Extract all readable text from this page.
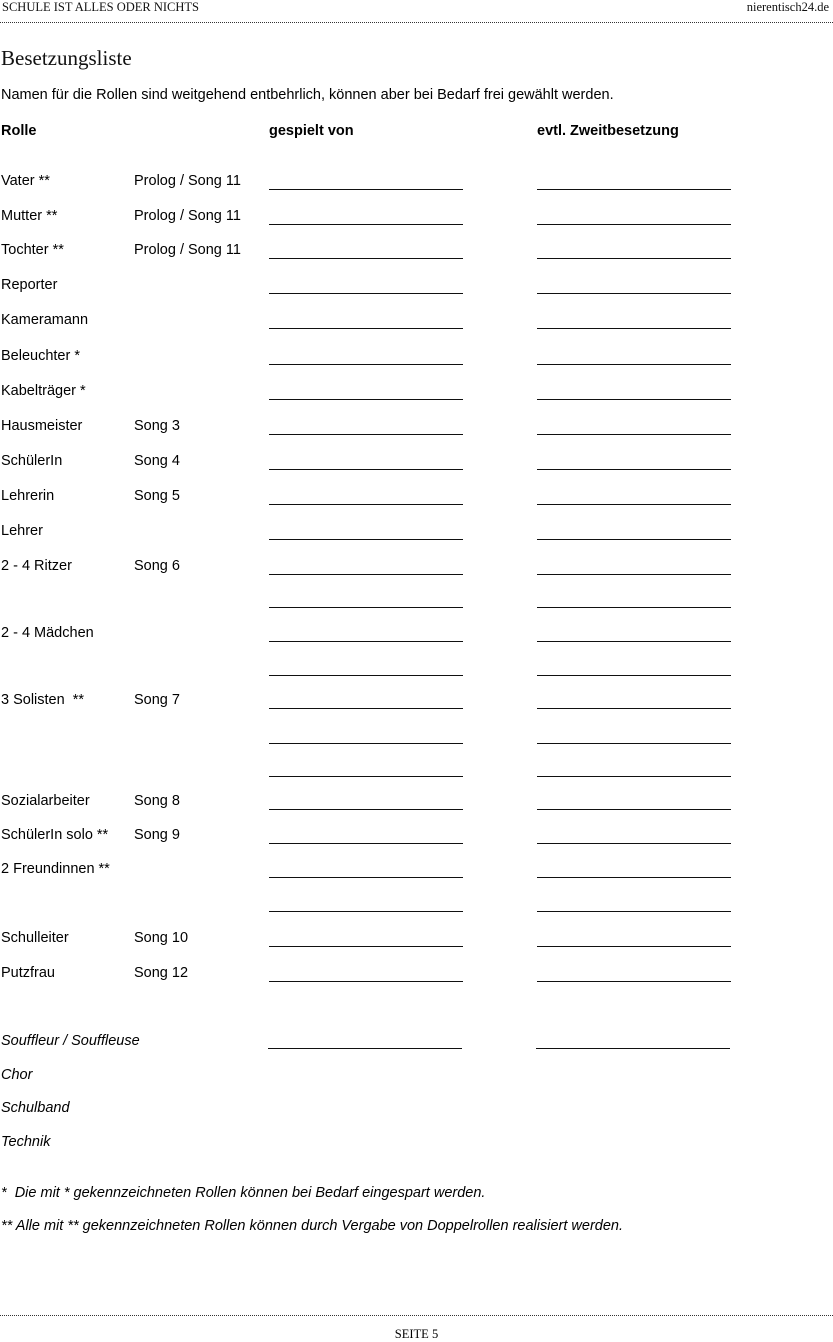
SCHULE IST ALLES ODER NICHTS	nierentisch24.de
Besetzungsliste
Namen für die Rollen sind weitgehend entbehrlich, können aber bei Bedarf frei gewählt werden.
Rolle	gespielt von	evtl. Zweitbesetzung
Vater **	Prolog / Song 11
Mutter **	Prolog / Song 11
Tochter **	Prolog / Song 11
Reporter
Kameramann
Beleuchter *
Kabelträger *
Hausmeister	Song 3
SchülerIn	Song 4
Lehrerin	Song 5
Lehrer
2 - 4 Ritzer	Song 6
2 - 4 Mädchen
3 Solisten  **	Song 7
Sozialarbeiter	Song 8
SchülerIn solo ** Song 9
2 Freundinnen **
Schulleiter	Song 10
Putzfrau	Song 12
Souffleur / Souffleuse
Chor
Schulband
Technik
*  Die mit * gekennzeichneten Rollen können bei Bedarf eingespart werden.
** Alle mit ** gekennzeichneten Rollen können durch Vergabe von Doppelrollen realisiert werden.
SEITE 5
